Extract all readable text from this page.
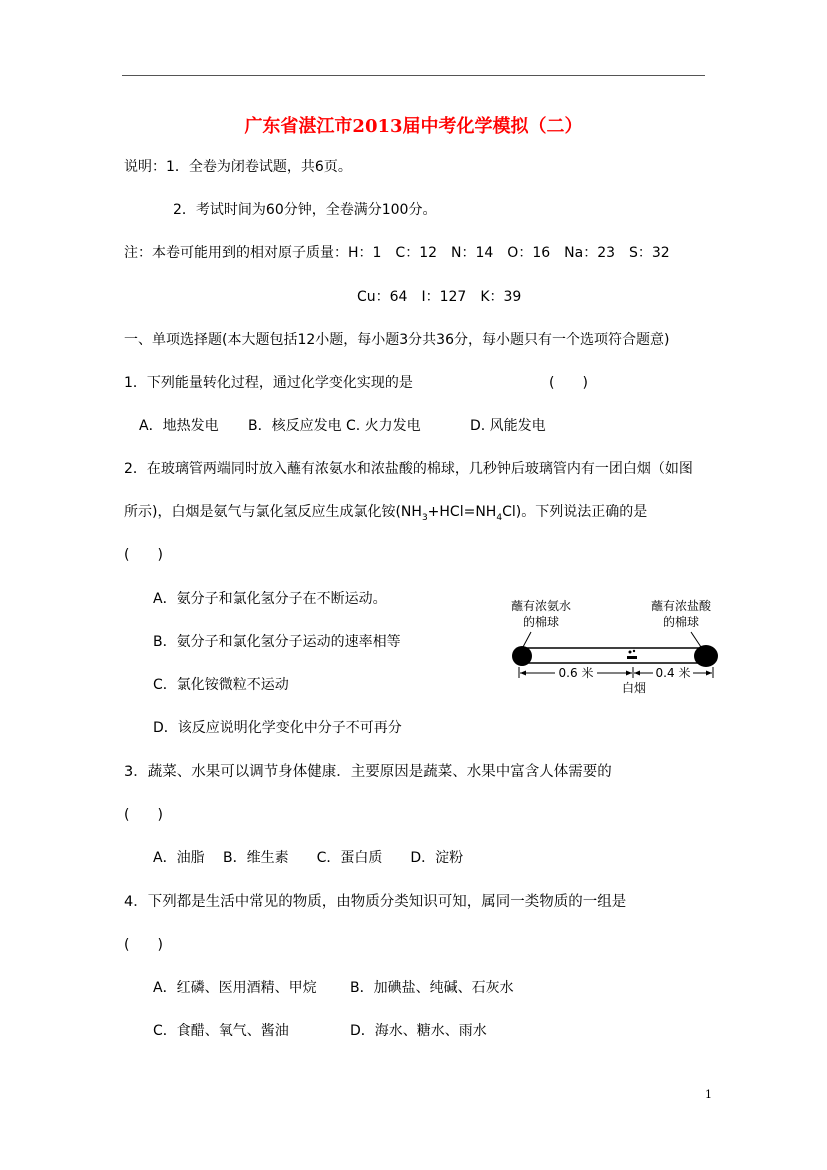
广东省湛江市2013届中考化学模拟（二）
说明：1．全卷为闭卷试题，共6页。
2．考试时间为60分钟，全卷满分100分。
注：本卷可能用到的相对原子质量：H：1　C：12　N：14　O：16　Na：23　S：32
Cu：64　I：127　K：39
一、单项选择题(本大题包括12小题，每小题3分共36分，每小题只有一个选项符合题意)
1．下列能量转化过程，通过化学变化实现的是	(　　)
A．地热发电 B．核反应发电 C. 火力发电	D. 风能发电
2．在玻璃管两端同时放入蘸有浓氨水和浓盐酸的棉球，几秒钟后玻璃管内有一团白烟（如图
所示)，白烟是氨气与氯化氢反应生成氯化铵$(NH_3+HCl=NH_4Cl)$。下列说法正确的是
(　　)
A．氨分子和氯化氢分子在不断运动。
B．氨分子和氯化氢分子运动的速率相等
C．氯化铵微粒不运动
D．该反应说明化学变化中分子不可再分
蘸有浓氨水
的棉球
蘸有浓盐酸
的棉球
0.6 米	0.4 米
白烟
3．蔬菜、水果可以调节身体健康．主要原因是蔬菜、水果中富含人体需要的
(　　)
A．油脂　 B．维生素　　C．蛋白质　　D．淀粉
4．下列都是生活中常见的物质，由物质分类知识可知，属同一类物质的一组是
(　　)
A．红磷、医用酒精、甲烷 B．加碘盐、纯碱、石灰水
C．食醋、氧气、酱油	D．海水、糖水、雨水
1
